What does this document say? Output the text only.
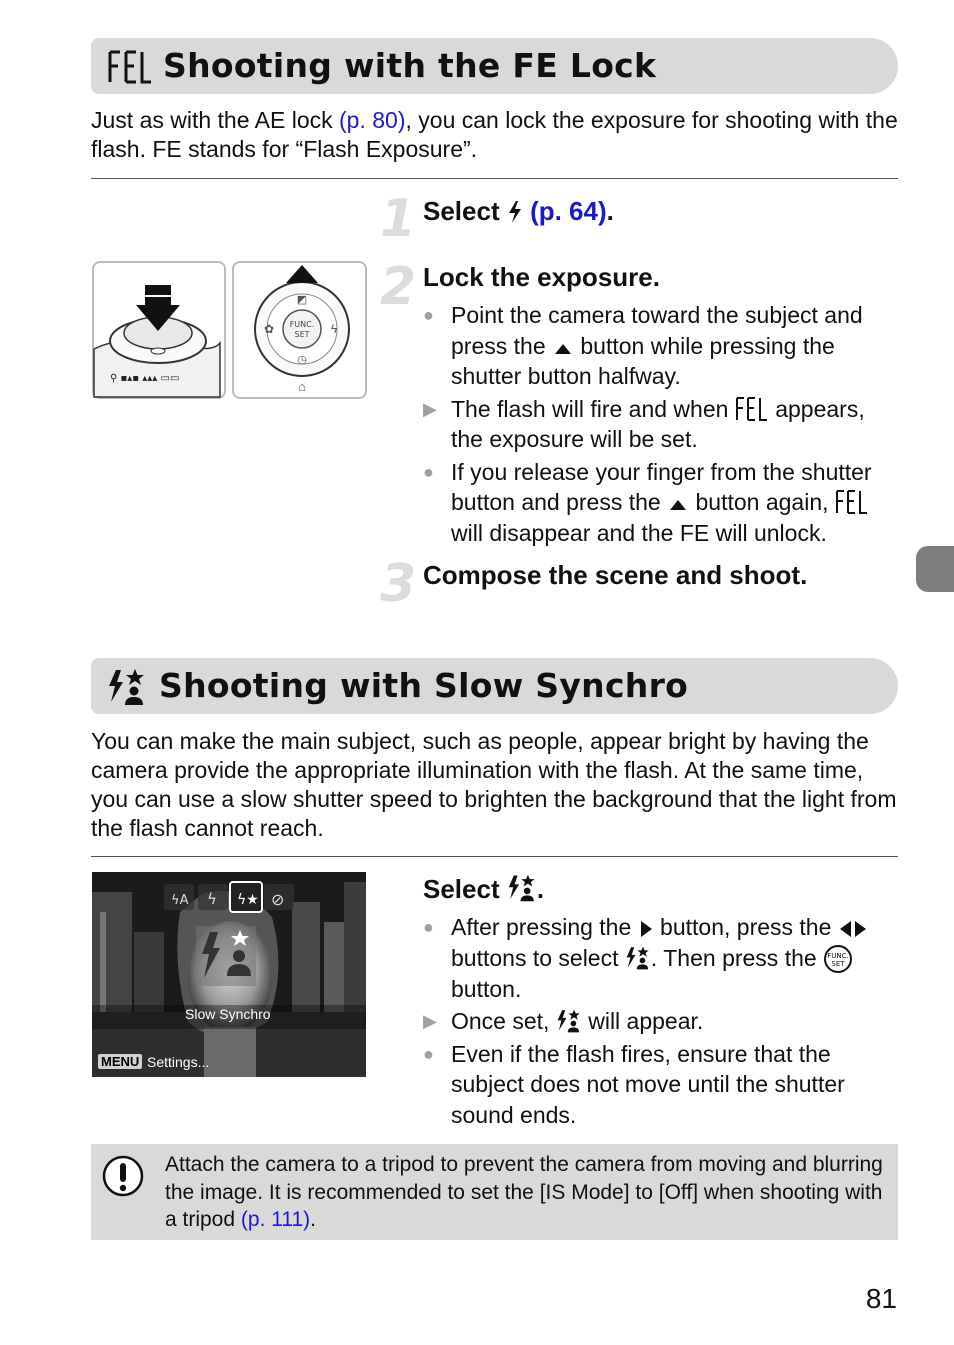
Shooting with the FE Lock
Just as with the AE lock (p. 80), you can lock the exposure for shooting with the flash. FE stands for “Flash Exposure”.
⚲ ▪▴▪ ▴▴▴ ▭▭
FUNC.
SET
◩
ϟ
✿
◷
⌂
1 Select  (p. 64).
2 Lock the exposure.
● Point the camera toward the subject and press the  button while pressing the shutter button halfway.
▶ The flash will fire and when  appears, the exposure will be set.
● If you release your finger from the shutter button and press the  button again,  will disappear and the FE will unlock.
3 Compose the scene and shoot.
Shooting with Slow Synchro
You can make the main subject, such as people, appear bright by having the camera provide the appropriate illumination with the flash. At the same time, you can use a slow shutter speed to brighten the background that the light from the flash cannot reach.
ϟA ϟ ϟ★ ⊘
Slow Synchro
MENU Settings...
Select .
● After pressing the  button, press the  buttons to select . Then press the FUNC.
SET
button.
▶ Once set,  will appear.
● Even if the flash fires, ensure that the subject does not move until the shutter sound ends.
Attach the camera to a tripod to prevent the camera from moving and blurring the image. It is recommended to set the [IS Mode] to [Off] when shooting with a tripod (p. 111).
81
